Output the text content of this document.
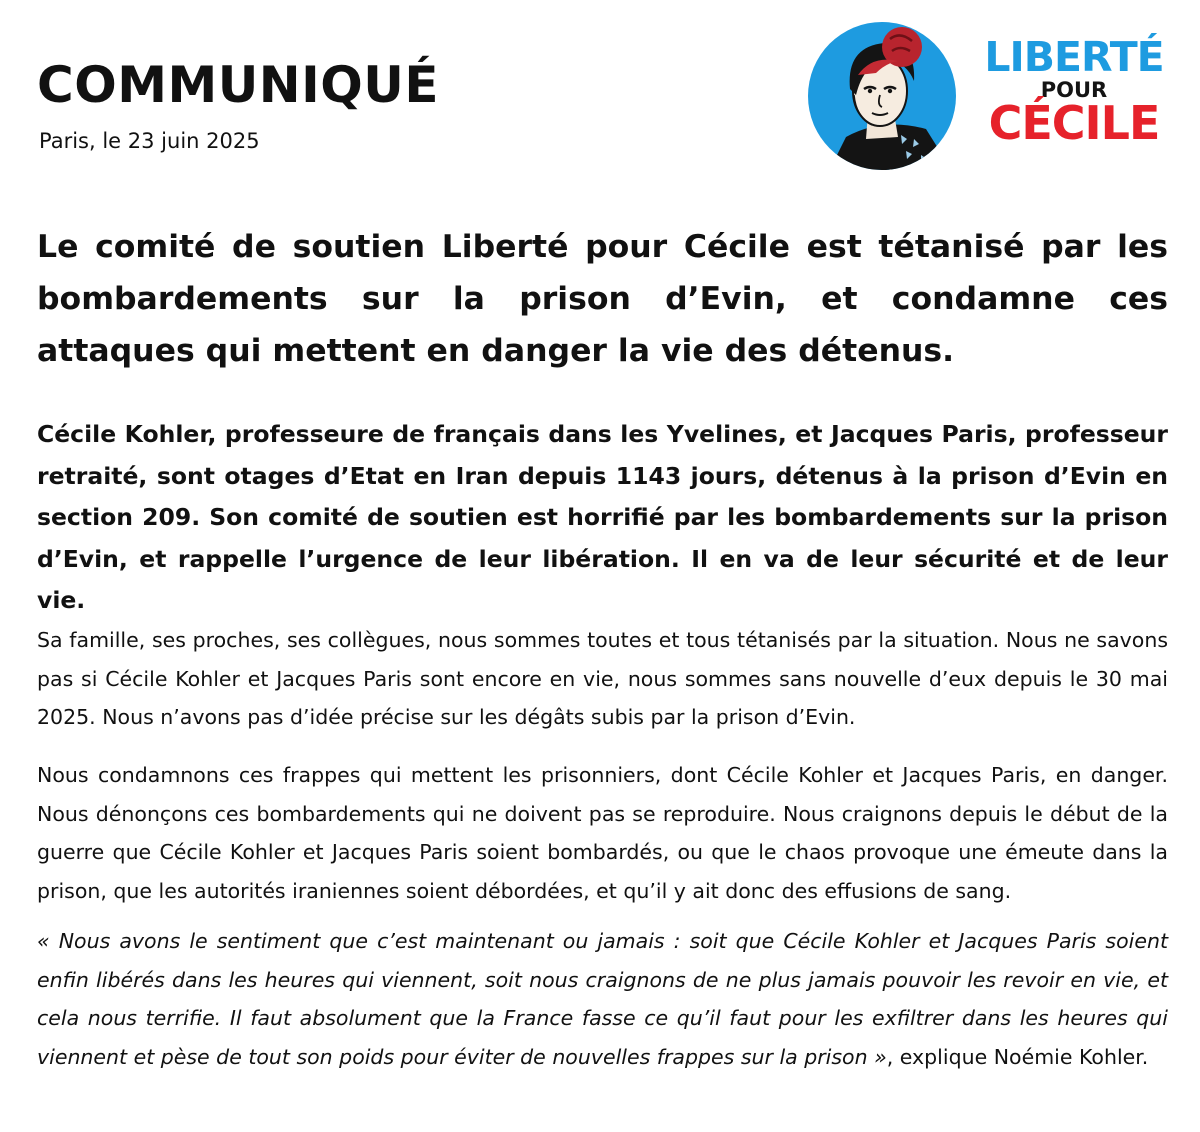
COMMUNIQUÉ
Paris, le 23 juin 2025
LIBERTÉ
POUR
CÉCILE
Le comité de soutien Liberté pour Cécile est tétanisé par les bombardements sur la prison d’Evin, et condamne ces attaques qui mettent en danger la vie des détenus.
Cécile Kohler, professeure de français dans les Yvelines, et Jacques Paris, professeur retraité, sont otages d’Etat en Iran depuis 1143 jours, détenus à la prison d’Evin en section 209. Son comité de soutien est horrifié par les bombardements sur la prison d’Evin, et rappelle l’urgence de leur libération. Il en va de leur sécurité et de leur vie.
Sa famille, ses proches, ses collègues, nous sommes toutes et tous tétanisés par la situation. Nous ne savons pas si Cécile Kohler et Jacques Paris sont encore en vie, nous sommes sans nouvelle d’eux depuis le 30 mai 2025. Nous n’avons pas d’idée précise sur les dégâts subis par la prison d’Evin.
Nous condamnons ces frappes qui mettent les prisonniers, dont Cécile Kohler et Jacques Paris, en danger. Nous dénonçons ces bombardements qui ne doivent pas se reproduire. Nous craignons depuis le début de la guerre que Cécile Kohler et Jacques Paris soient bombardés, ou que le chaos provoque une émeute dans la prison, que les autorités iraniennes soient débordées, et qu’il y ait donc des effusions de sang.
« Nous avons le sentiment que c’est maintenant ou jamais : soit que Cécile Kohler et Jacques Paris soient enfin libérés dans les heures qui viennent, soit nous craignons de ne plus jamais pouvoir les revoir en vie, et cela nous terrifie. Il faut absolument que la France fasse ce qu’il faut pour les exfiltrer dans les heures qui viennent et pèse de tout son poids pour éviter de nouvelles frappes sur la prison », explique Noémie Kohler.
